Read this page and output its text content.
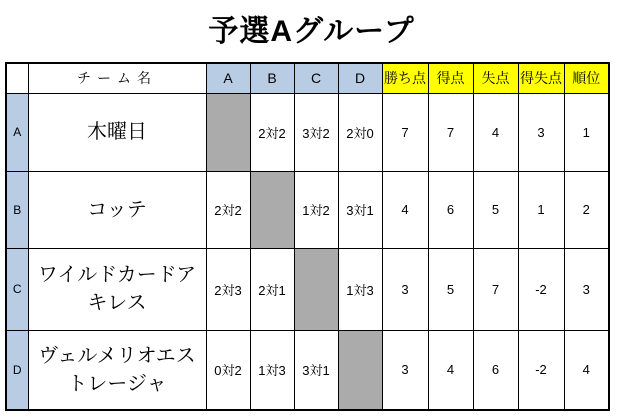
予選Aグループ
	チーム名	A	B	C	D	勝ち点	得点	失点	得失点	順位
A	木曜日		2対2	3対2	2対0	7	7	4	3	1
B	コッテ	2対2		1対2	3対1	4	6	5	1	2
C	ワイルドカードアキレス	2対3	2対1		1対3	3	5	7	-2	3
D	ヴェルメリオエストレージャ	0対2	1対3	3対1		3	4	6	-2	4
